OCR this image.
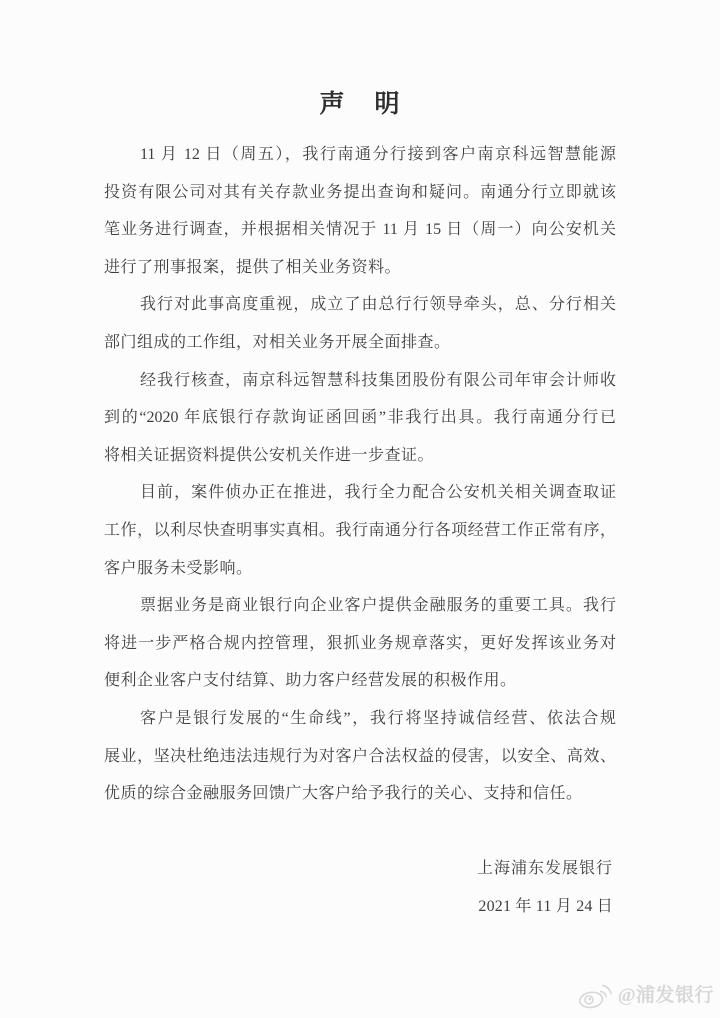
声 明
11 月 12 日（周五），我行南通分行接到客户南京科远智慧能源
投资有限公司对其有关存款业务提出查询和疑问。南通分行立即就该
笔业务进行调查，并根据相关情况于 11 月 15 日（周一）向公安机关
进行了刑事报案，提供了相关业务资料。
我行对此事高度重视，成立了由总行行领导牵头，总、分行相关
部门组成的工作组，对相关业务开展全面排查。
经我行核查，南京科远智慧科技集团股份有限公司年审会计师收
到的“2020 年底银行存款询证函回函”非我行出具。我行南通分行已
将相关证据资料提供公安机关作进一步查证。
目前，案件侦办正在推进，我行全力配合公安机关相关调查取证
工作，以利尽快查明事实真相。我行南通分行各项经营工作正常有序，
客户服务未受影响。
票据业务是商业银行向企业客户提供金融服务的重要工具。我行
将进一步严格合规内控管理，狠抓业务规章落实，更好发挥该业务对
便利企业客户支付结算、助力客户经营发展的积极作用。
客户是银行发展的“生命线”，我行将坚持诚信经营、依法合规
展业，坚决杜绝违法违规行为对客户合法权益的侵害，以安全、高效、
优质的综合金融服务回馈广大客户给予我行的关心、支持和信任。
上海浦东发展银行
2021 年 11 月 24 日
@浦发银行
